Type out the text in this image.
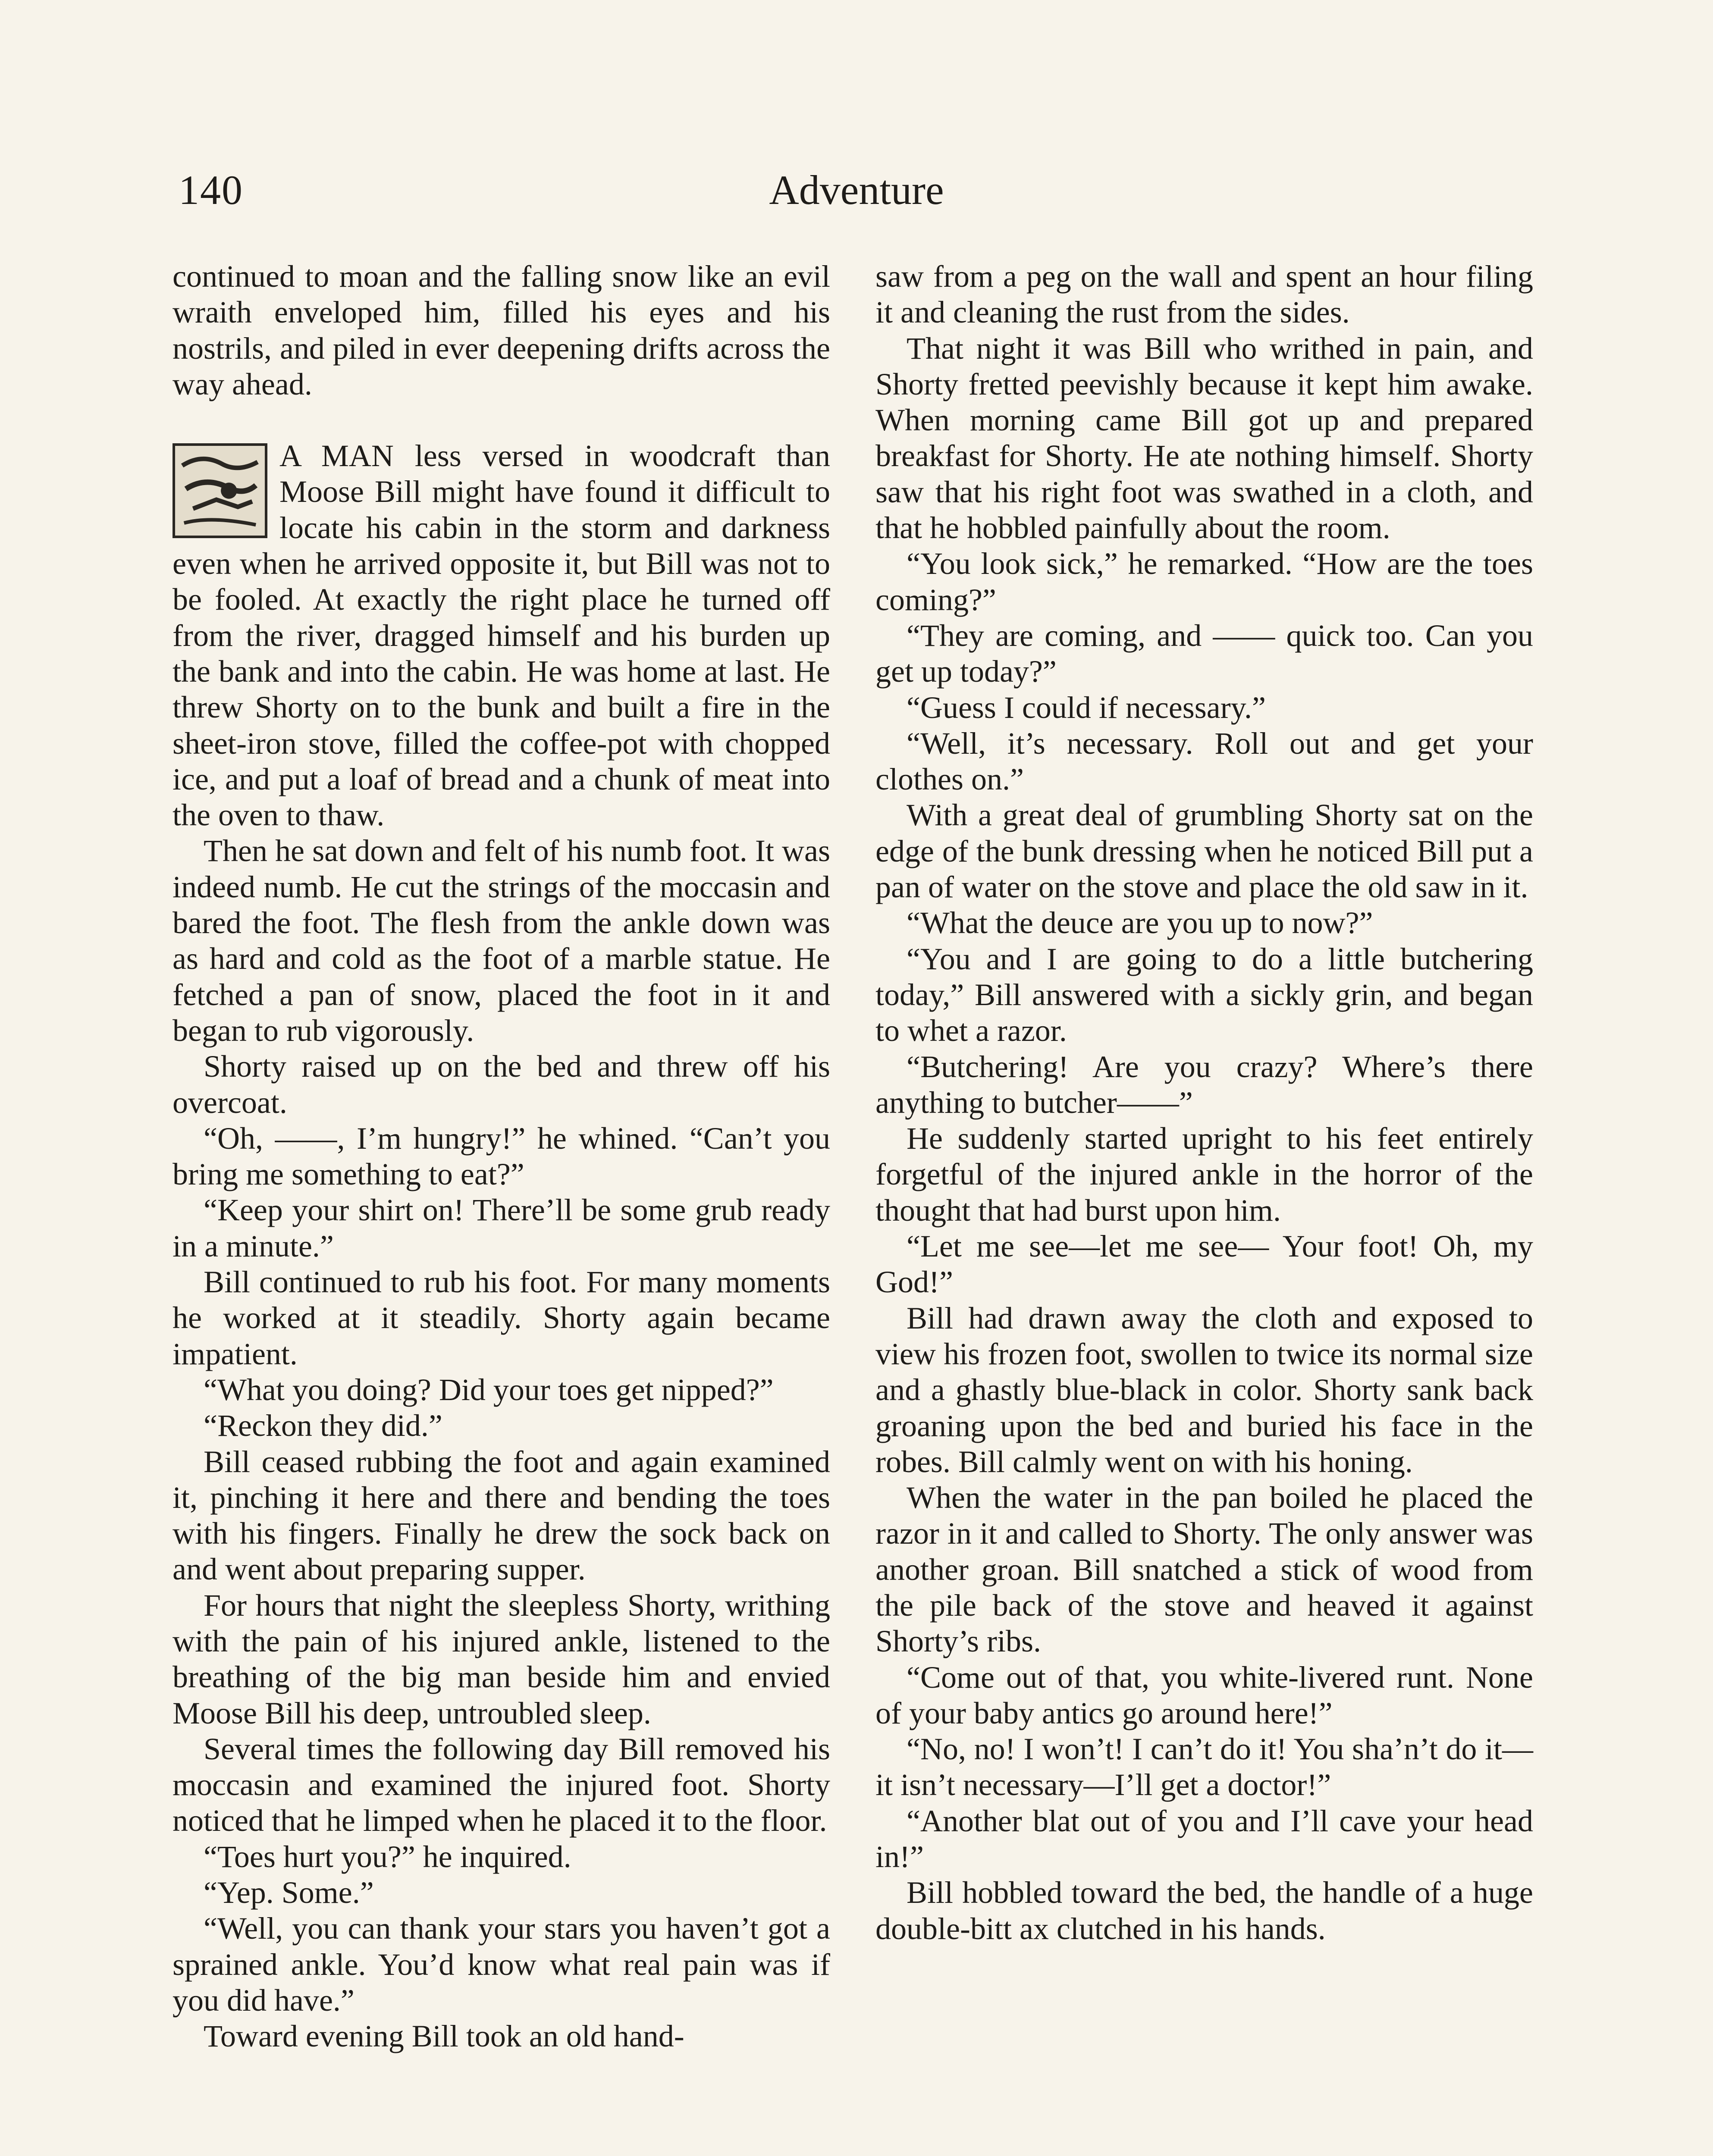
140	Adventure

continued to moan and the falling snow like an evil wraith enveloped him, filled his eyes and his nostrils, and piled in ever deepening drifts across the way ahead.

A MAN less versed in woodcraft than Moose Bill might have found it difficult to locate his cabin in the storm and darkness even when he arrived opposite it, but Bill was not to be fooled. At exactly the right place he turned off from the river, dragged himself and his burden up the bank and into the cabin. He was home at last. He threw Shorty on to the bunk and built a fire in the sheet-iron stove, filled the coffee-pot with chopped ice, and put a loaf of bread and a chunk of meat into the oven to thaw.

Then he sat down and felt of his numb foot. It was indeed numb. He cut the strings of the moccasin and bared the foot. The flesh from the ankle down was as hard and cold as the foot of a marble statue. He fetched a pan of snow, placed the foot in it and began to rub vigorously.

Shorty raised up on the bed and threw off his overcoat.

“Oh, ——, I’m hungry!” he whined. “Can’t you bring me something to eat?”

“Keep your shirt on! There’ll be some grub ready in a minute.”

Bill continued to rub his foot. For many moments he worked at it steadily. Shorty again became impatient.

“What you doing? Did your toes get nipped?”

“Reckon they did.”

Bill ceased rubbing the foot and again examined it, pinching it here and there and bending the toes with his fingers. Finally he drew the sock back on and went about preparing supper.

For hours that night the sleepless Shorty, writhing with the pain of his injured ankle, listened to the breathing of the big man beside him and envied Moose Bill his deep, untroubled sleep.

Several times the following day Bill removed his moccasin and examined the injured foot. Shorty noticed that he limped when he placed it to the floor.

“Toes hurt you?” he inquired.

“Yep. Some.”

“Well, you can thank your stars you haven’t got a sprained ankle. You’d know what real pain was if you did have.”

Toward evening Bill took an old hand-

saw from a peg on the wall and spent an hour filing it and cleaning the rust from the sides.

That night it was Bill who writhed in pain, and Shorty fretted peevishly because it kept him awake. When morning came Bill got up and prepared breakfast for Shorty. He ate nothing himself. Shorty saw that his right foot was swathed in a cloth, and that he hobbled painfully about the room.

“You look sick,” he remarked. “How are the toes coming?”

“They are coming, and —— quick too. Can you get up today?”

“Guess I could if necessary.”

“Well, it’s necessary. Roll out and get your clothes on.”

With a great deal of grumbling Shorty sat on the edge of the bunk dressing when he noticed Bill put a pan of water on the stove and place the old saw in it.

“What the deuce are you up to now?”

“You and I are going to do a little butchering today,” Bill answered with a sickly grin, and began to whet a razor.

“Butchering! Are you crazy? Where’s there anything to butcher——”

He suddenly started upright to his feet entirely forgetful of the injured ankle in the horror of the thought that had burst upon him.

“Let me see—let me see— Your foot! Oh, my God!”

Bill had drawn away the cloth and exposed to view his frozen foot, swollen to twice its normal size and a ghastly blue-black in color. Shorty sank back groaning upon the bed and buried his face in the robes. Bill calmly went on with his honing.

When the water in the pan boiled he placed the razor in it and called to Shorty. The only answer was another groan. Bill snatched a stick of wood from the pile back of the stove and heaved it against Shorty’s ribs.

“Come out of that, you white-livered runt. None of your baby antics go around here!”

“No, no! I won’t! I can’t do it! You sha’n’t do it—it isn’t necessary—I’ll get a doctor!”

“Another blat out of you and I’ll cave your head in!”

Bill hobbled toward the bed, the handle of a huge double-bitt ax clutched in his hands.
